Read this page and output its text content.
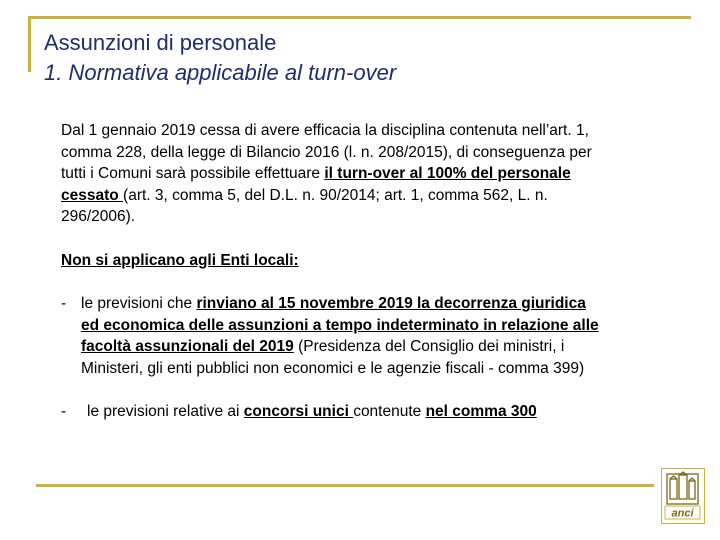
Assunzioni di personale
1. Normativa applicabile al turn-over

Dal 1 gennaio 2019 cessa di avere efficacia la disciplina contenuta nell’art. 1, comma 228, della legge di Bilancio 2016 (l. n. 208/2015), di conseguenza per tutti i Comuni sarà possibile effettuare il turn-over al 100% del personale cessato (art. 3, comma 5, del D.L. n. 90/2014; art. 1, comma 562, L. n. 296/2006).

Non si applicano agli Enti locali:

- le previsioni che rinviano al 15 novembre 2019 la decorrenza giuridica ed economica delle assunzioni a tempo indeterminato in relazione alle facoltà assunzionali del 2019 (Presidenza del Consiglio dei ministri, i Ministeri, gli enti pubblici non economici e le agenzie fiscali - comma 399)

- le previsioni relative ai concorsi unici contenute nel comma 300

anci
